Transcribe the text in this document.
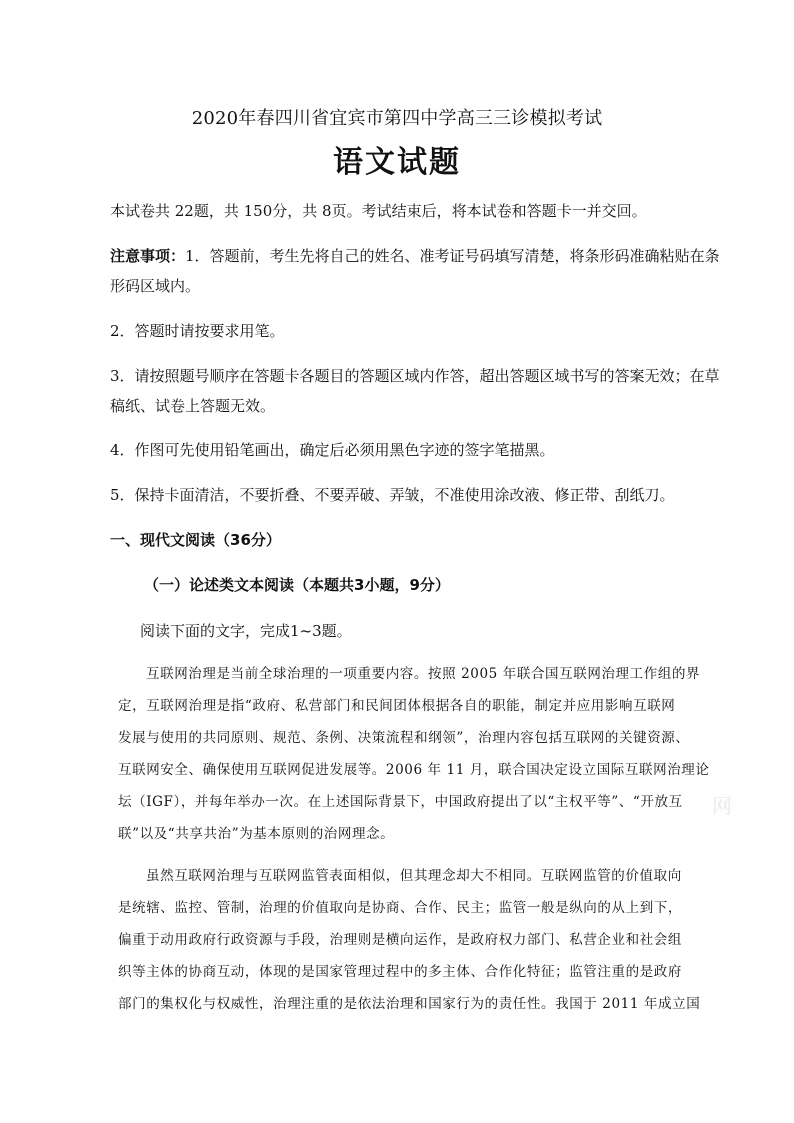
2020年春四川省宜宾市第四中学高三三诊模拟考试
语文试题
本试卷共 22题，共 150分，共 8页。考试结束后，将本试卷和答题卡一并交回。
注意事项：1．答题前，考生先将自己的姓名、准考证号码填写清楚，将条形码准确粘贴在条
形码区域内。
2．答题时请按要求用笔。
3．请按照题号顺序在答题卡各题目的答题区域内作答，超出答题区域书写的答案无效；在草
稿纸、试卷上答题无效。
4．作图可先使用铅笔画出，确定后必须用黑色字迹的签字笔描黑。
5．保持卡面清洁，不要折叠、不要弄破、弄皱，不准使用涂改液、修正带、刮纸刀。
一、现代文阅读（36分）
（一）论述类文本阅读（本题共3小题，9分）
阅读下面的文字，完成1~3题。
互联网治理是当前全球治理的一项重要内容。按照 2005 年联合国互联网治理工作组的界
定，互联网治理是指“政府、私营部门和民间团体根据各自的职能，制定并应用影响互联网
发展与使用的共同原则、规范、条例、决策流程和纲领”，治理内容包括互联网的关键资源、
互联网安全、确保使用互联网促进发展等。2006 年 11 月，联合国决定设立国际互联网治理论
坛（IGF），并每年举办一次。在上述国际背景下，中国政府提出了以“主权平等”、“开放互
联”以及“共享共治”为基本原则的治网理念。
虽然互联网治理与互联网监管表面相似，但其理念却大不相同。互联网监管的价值取向
是统辖、监控、管制，治理的价值取向是协商、合作、民主；监管一般是纵向的从上到下，
偏重于动用政府行政资源与手段，治理则是横向运作，是政府权力部门、私营企业和社会组
织等主体的协商互动，体现的是国家管理过程中的多主体、合作化特征；监管注重的是政府
部门的集权化与权威性，治理注重的是依法治理和国家行为的责任性。我国于 2011 年成立国
网
